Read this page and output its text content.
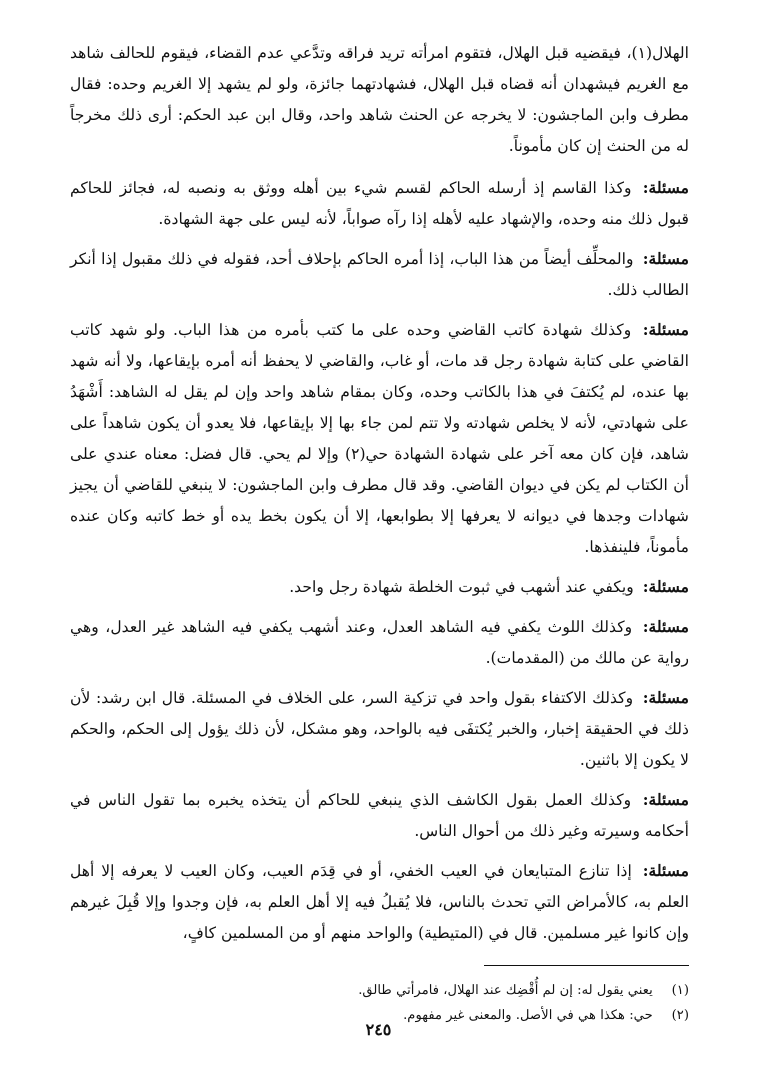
الهلال(١)، فيقضيه قبل الهلال، فتقوم امرأته تريد فراقه وتدَّعي عدم القضاء، فيقوم للحالف شاهد مع الغريم فيشهدان أنه قضاه قبل الهلال، فشهادتهما جائزة، ولو لم يشهد إلا الغريم وحده: فقال مطرف وابن الماجشون: لا يخرجه عن الحنث شاهد واحد، وقال ابن عبد الحكم: أرى ذلك مخرجاً له من الحنث إن كان مأموناً.

مسئلة: وكذا القاسم إذ أرسله الحاكم لقسم شيء بين أهله ووثق به ونصبه له، فجائز للحاكم قبول ذلك منه وحده، والإشهاد عليه لأهله إذا رآه صواباً، لأنه ليس على جهة الشهادة.

مسئلة: والمحلِّف أيضاً من هذا الباب، إذا أمره الحاكم بإحلاف أحد، فقوله في ذلك مقبول إذا أنكر الطالب ذلك.

مسئلة: وكذلك شهادة كاتب القاضي وحده على ما كتب بأمره من هذا الباب. ولو شهد كاتب القاضي على كتابة شهادة رجل قد مات، أو غاب، والقاضي لا يحفظ أنه أمره بإيقاعها، ولا أنه شهد بها عنده، لم يُكتفَ في هذا بالكاتب وحده، وكان بمقام شاهد واحد وإن لم يقل له الشاهد: أَشْهَدُ على شهادتي، لأنه لا يخلص شهادته ولا تتم لمن جاء بها إلا بإيقاعها، فلا يعدو أن يكون شاهداً على شاهد، فإن كان معه آخر على شهادة الشهادة حي(٢) وإلا لم يحي. قال فضل: معناه عندي على أن الكتاب لم يكن في ديوان القاضي. وقد قال مطرف وابن الماجشون: لا ينبغي للقاضي أن يجيز شهادات وجدها في ديوانه لا يعرفها إلا بطوابعها، إلا أن يكون بخط يده أو خط كاتبه وكان عنده مأموناً، فلينفذها.

مسئلة: ويكفي عند أشهب في ثبوت الخلطة شهادة رجل واحد.

مسئلة: وكذلك اللوث يكفي فيه الشاهد العدل، وعند أشهب يكفي فيه الشاهد غير العدل، وهي رواية عن مالك من (المقدمات).

مسئلة: وكذلك الاكتفاء بقول واحد في تزكية السر، على الخلاف في المسئلة. قال ابن رشد: لأن ذلك في الحقيقة إخبار، والخبر يُكتفَى فيه بالواحد، وهو مشكل، لأن ذلك يؤول إلى الحكم، والحكم لا يكون إلا باثنين.

مسئلة: وكذلك العمل بقول الكاشف الذي ينبغي للحاكم أن يتخذه يخبره بما تقول الناس في أحكامه وسيرته وغير ذلك من أحوال الناس.

مسئلة: إذا تنازع المتبايعان في العيب الخفي، أو في قِدَم العيب، وكان العيب لا يعرفه إلا أهل العلم به، كالأمراض التي تحدث بالناس، فلا يُقبلُ فيه إلا أهل العلم به، فإن وجدوا وإلا قُبِلَ غيرهم وإن كانوا غير مسلمين. قال في (المتيطية) والواحد منهم أو من المسلمين كافٍ،

(١) يعني يقول له: إن لم أُقْضِك عند الهلال، فامرأتي طالق.

(٢) حي: هكذا هي في الأصل. والمعنى غير مفهوم.

٢٤٥
